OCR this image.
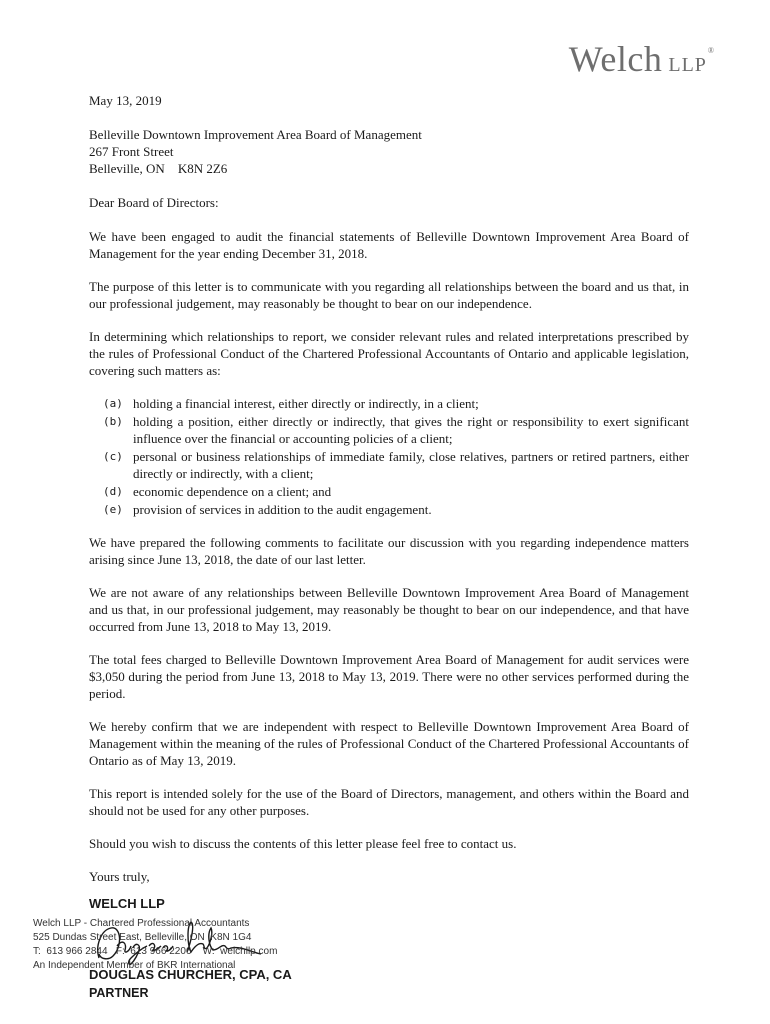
Welch LLP
®

May 13, 2019

Belleville Downtown Improvement Area Board of Management
267 Front Street
Belleville, ON    K8N 2Z6

Dear Board of Directors:

We have been engaged to audit the financial statements of Belleville Downtown Improvement Area Board of Management for the year ending December 31, 2018.

The purpose of this letter is to communicate with you regarding all relationships between the board and us that, in our professional judgement, may reasonably be thought to bear on our independence.

In determining which relationships to report, we consider relevant rules and related interpretations prescribed by the rules of Professional Conduct of the Chartered Professional Accountants of Ontario and applicable legislation, covering such matters as:

(a) holding a financial interest, either directly or indirectly, in a client;
(b) holding a position, either directly or indirectly, that gives the right or responsibility to exert significant influence over the financial or accounting policies of a client;
(c) personal or business relationships of immediate family, close relatives, partners or retired partners, either directly or indirectly, with a client;
(d) economic dependence on a client; and
(e) provision of services in addition to the audit engagement.

We have prepared the following comments to facilitate our discussion with you regarding independence matters arising since June 13, 2018, the date of our last letter.

We are not aware of any relationships between Belleville Downtown Improvement Area Board of Management and us that, in our professional judgement, may reasonably be thought to bear on our independence, and that have occurred from June 13, 2018 to May 13, 2019.

The total fees charged to Belleville Downtown Improvement Area Board of Management for audit services were $3,050 during the period from June 13, 2018 to May 13, 2019. There were no other services performed during the period.

We hereby confirm that we are independent with respect to Belleville Downtown Improvement Area Board of Management within the meaning of the rules of Professional Conduct of the Chartered Professional Accountants of Ontario as of May 13, 2019.

This report is intended solely for the use of the Board of Directors, management, and others within the Board and should not be used for any other purposes.

Should you wish to discuss the contents of this letter please feel free to contact us.

Yours truly,

WELCH LLP

DOUGLAS CHURCHER, CPA, CA

PARTNER

Welch LLP - Chartered Professional Accountants
525 Dundas Street East, Belleville, ON  K8N 1G4
T:  613 966 2844   F:  613 966 2206    W:  welchllp.com
An Independent Member of BKR International
